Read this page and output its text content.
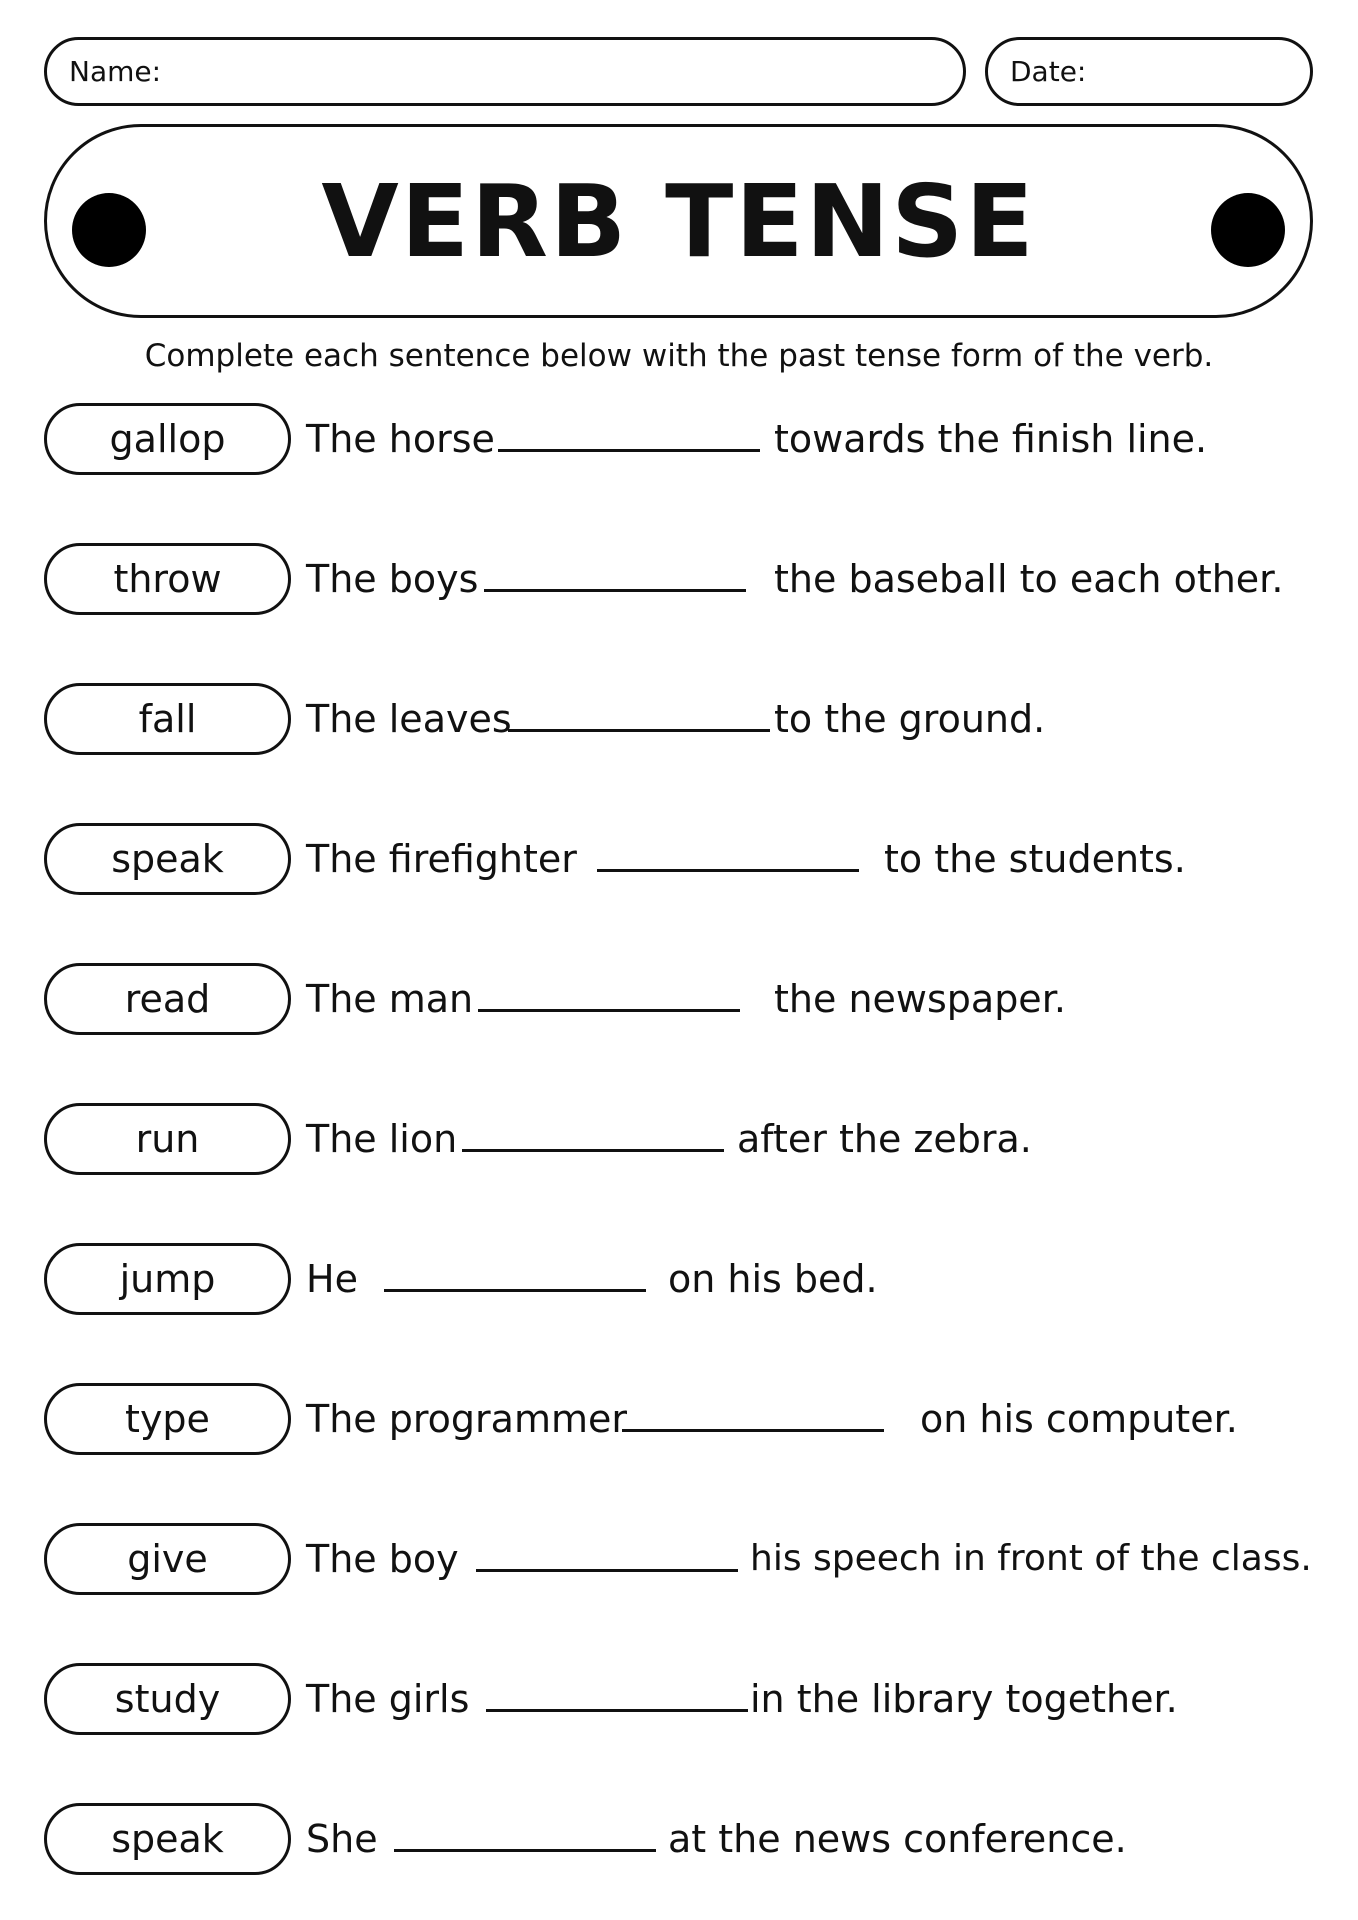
Name:	Date:
VERB TENSE
Complete each sentence below with the past tense form of the verb.
gallop	The horse	towards the finish line.
throw	The boys	the baseball to each other.
fall	The leaves	to the ground.
speak	The firefighter	to the students.
read	The man	the newspaper.
run	The lion	after the zebra.
jump	He	on his bed.
type	The programmer	on his computer.
give	The boy	his speech in front of the class.
study	The girls	in the library together.
speak	She	at the news conference.
